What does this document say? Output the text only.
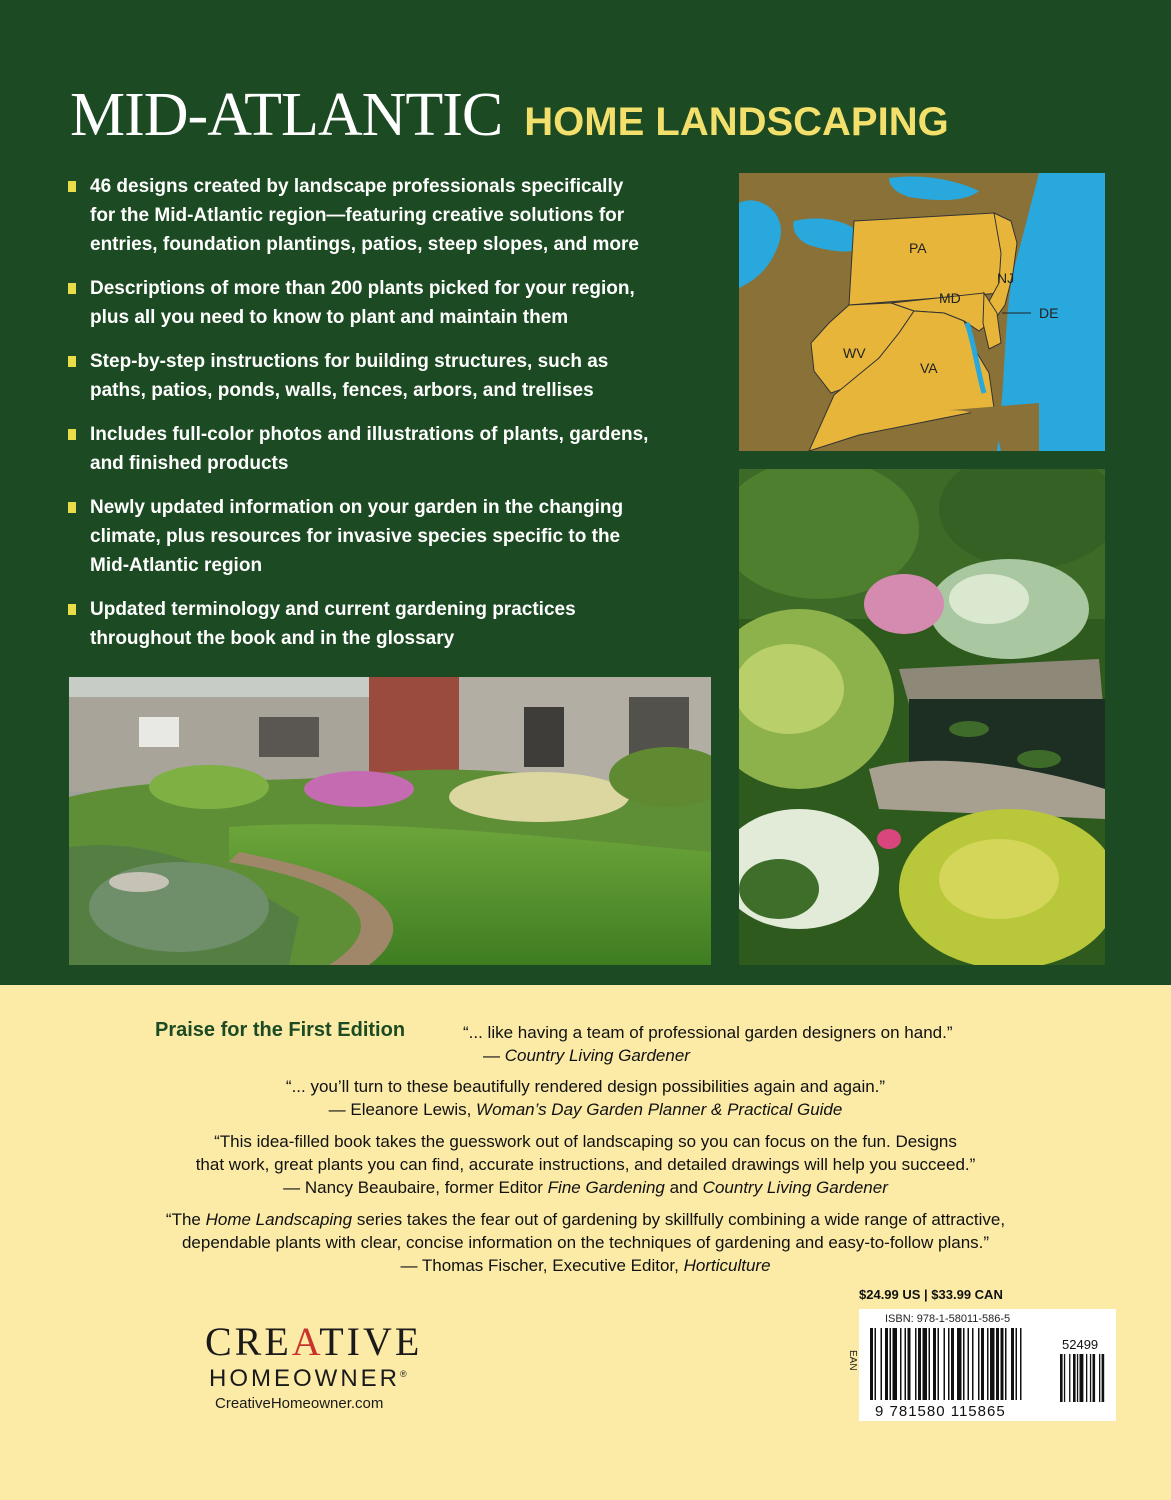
MID-ATLANTIC HOME LANDSCAPING
46 designs created by landscape professionals specifically
for the Mid-Atlantic region—featuring creative solutions for
entries, foundation plantings, patios, steep slopes, and more
Descriptions of more than 200 plants picked for your region,
plus all you need to know to plant and maintain them
Step-by-step instructions for building structures, such as
paths, patios, ponds, walls, fences, arbors, and trellises
Includes full-color photos and illustrations of plants, gardens,
and finished products
Newly updated information on your garden in the changing
climate, plus resources for invasive species specific to the
Mid-Atlantic region
Updated terminology and current gardening practices
throughout the book and in the glossary
PA
NJ
MD
DE
WV
VA
Praise for the First Edition	“... like having a team of professional garden designers on hand.”
— Country Living Gardener
“... you’ll turn to these beautifully rendered design possibilities again and again.”
— Eleanore Lewis, Woman’s Day Garden Planner & Practical Guide
“This idea-filled book takes the guesswork out of landscaping so you can focus on the fun. Designs
that work, great plants you can find, accurate instructions, and detailed drawings will help you succeed.”
— Nancy Beaubaire, former Editor Fine Gardening and Country Living Gardener
“The Home Landscaping series takes the fear out of gardening by skillfully combining a wide range of attractive,
dependable plants with clear, concise information on the techniques of gardening and easy-to-follow plans.”
— Thomas Fischer, Executive Editor, Horticulture
$24.99 US | $33.99 CAN
ISBN: 978-1-58011-586-5
EAN
9 781580 115865
52499
CREATIVE
HOMEOWNER®
CreativeHomeowner.com
